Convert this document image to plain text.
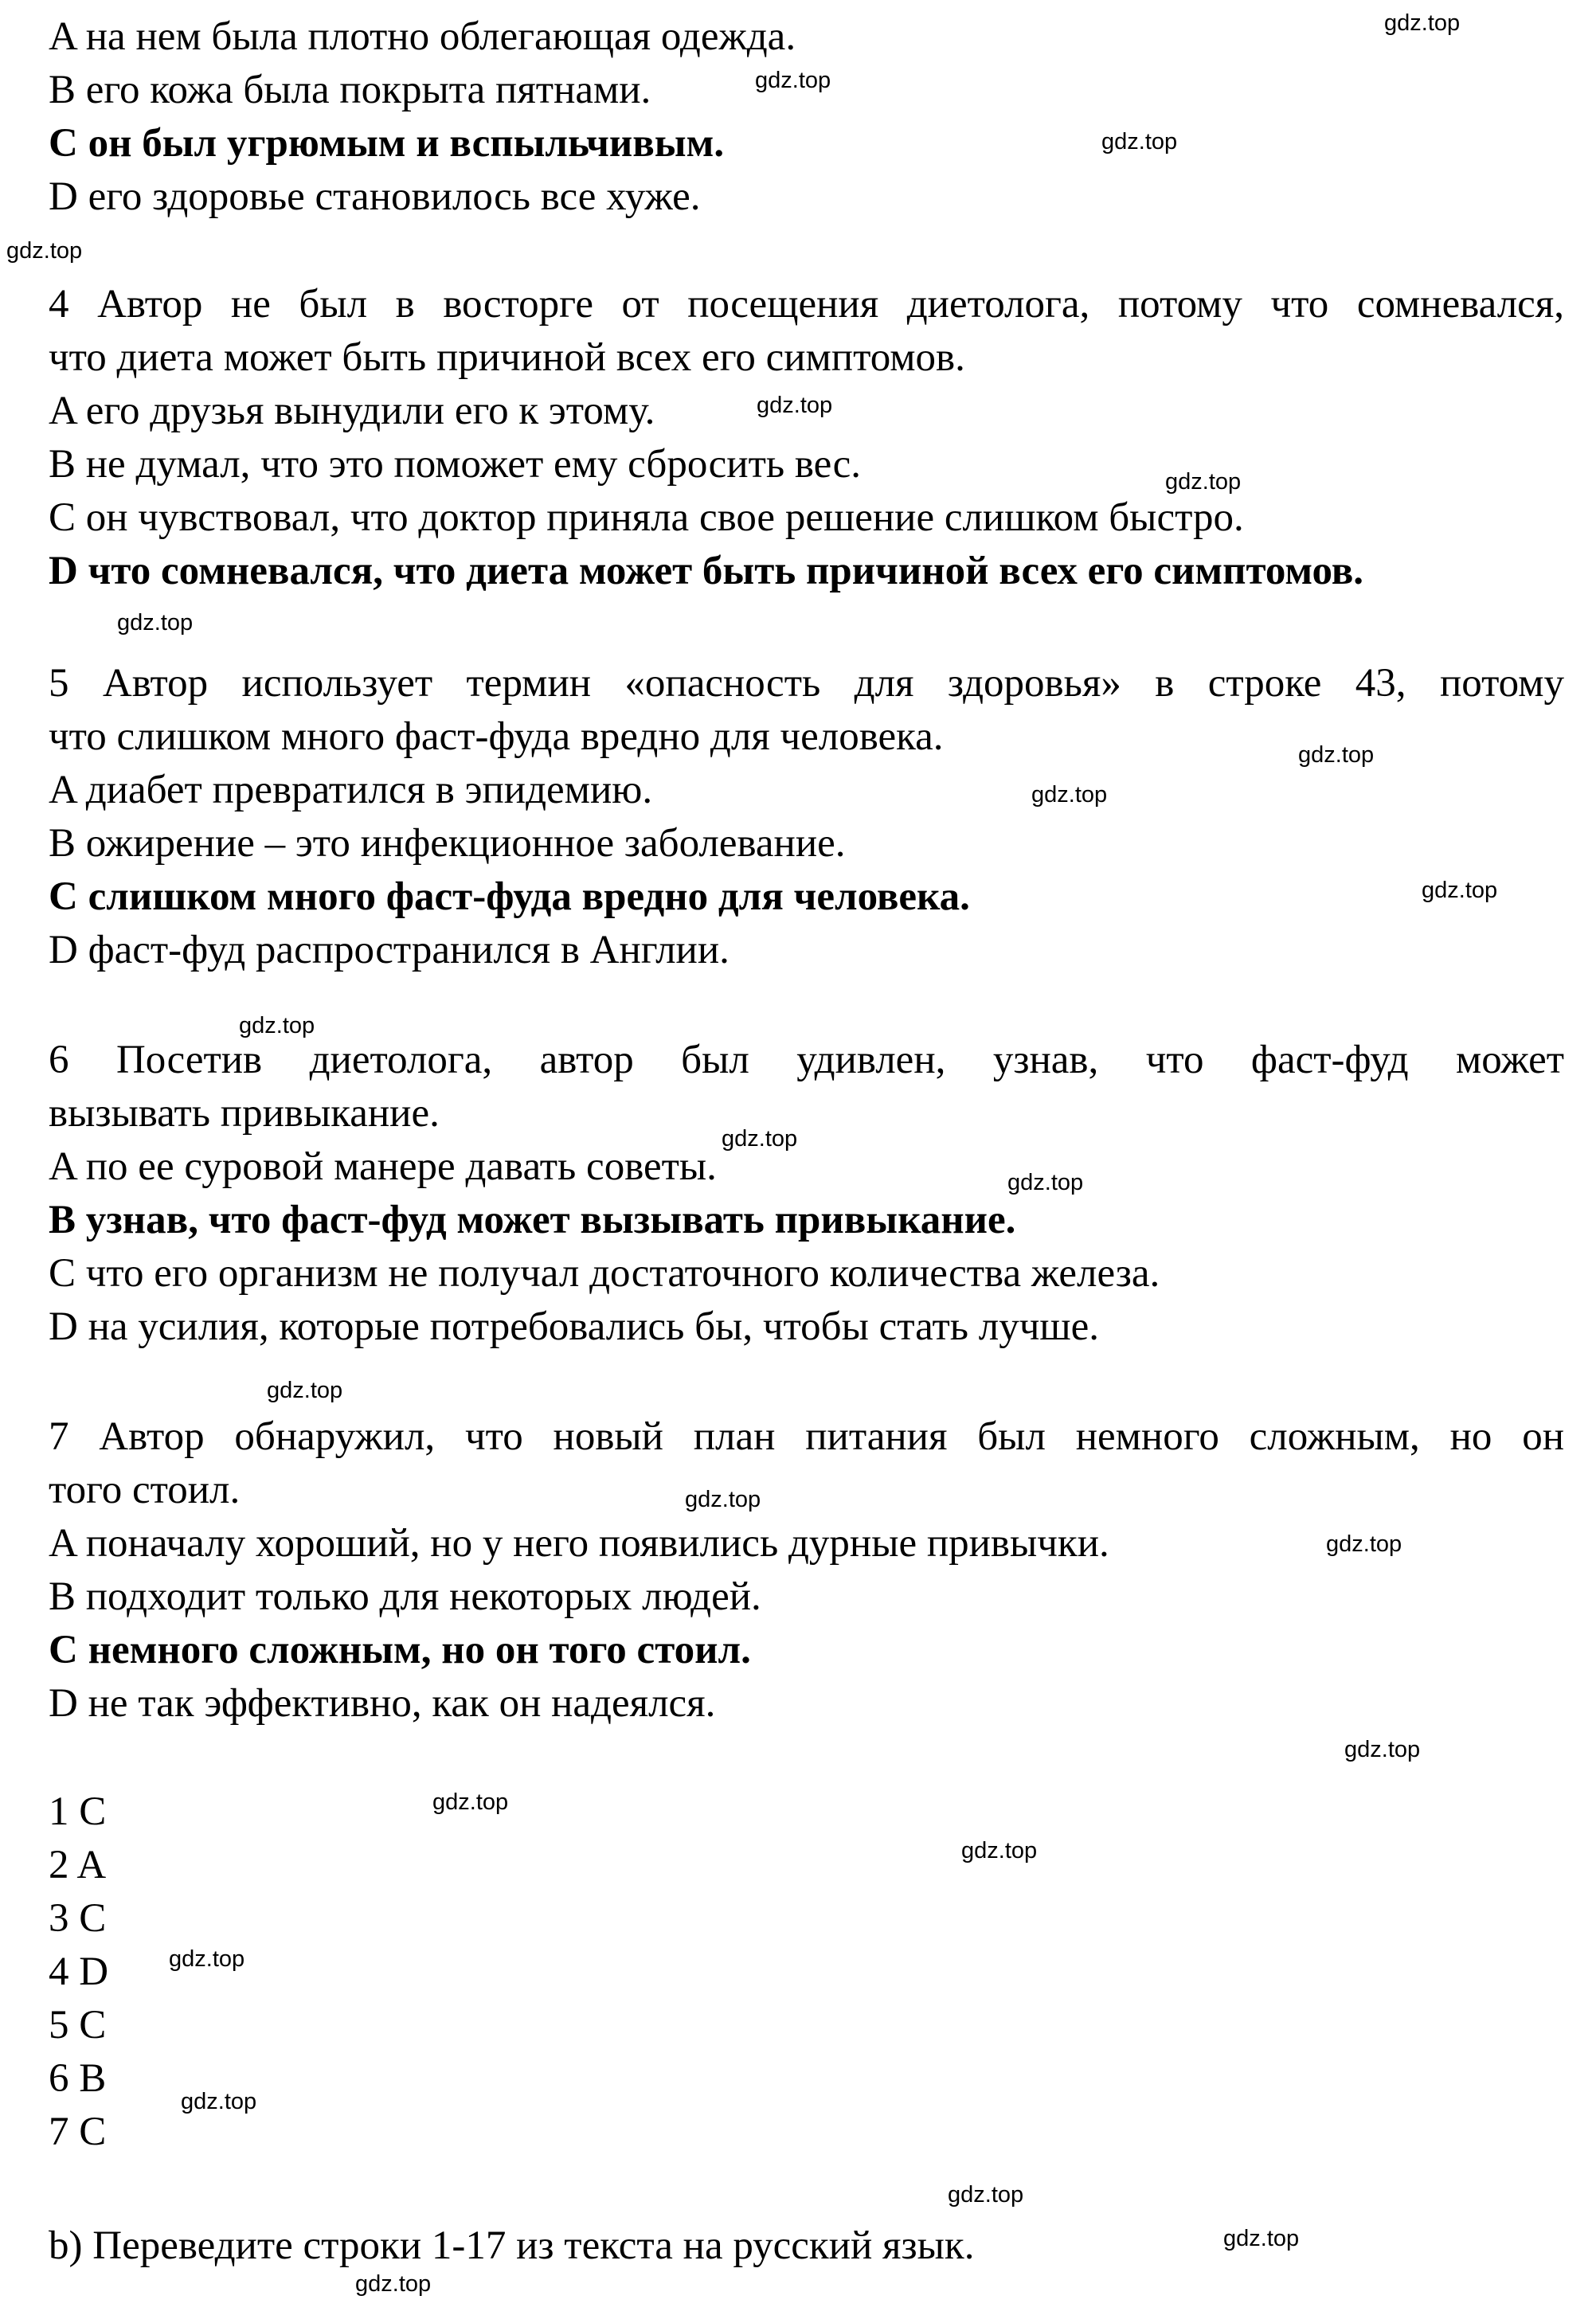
A на нем была плотно облегающая одежда.
B его кожа была покрыта пятнами.
C он был угрюмым и вспыльчивым.
D его здоровье становилось все хуже.
4 Автор не был в восторге от посещения диетолога, потому что сомневался,
что диета может быть причиной всех его симптомов.
A его друзья вынудили его к этому.
B не думал, что это поможет ему сбросить вес.
C он чувствовал, что доктор приняла свое решение слишком быстро.
D что сомневался, что диета может быть причиной всех его симптомов.
5 Автор использует термин «опасность для здоровья» в строке 43, потому
что слишком много фаст-фуда вредно для человека.
A диабет превратился в эпидемию.
B ожирение – это инфекционное заболевание.
C слишком много фаст-фуда вредно для человека.
D фаст-фуд распространился в Англии.
6 Посетив диетолога, автор был удивлен, узнав, что фаст-фуд может
вызывать привыкание.
A по ее суровой манере давать советы.
B узнав, что фаст-фуд может вызывать привыкание.
C что его организм не получал достаточного количества железа.
D на усилия, которые потребовались бы, чтобы стать лучше.
7 Автор обнаружил, что новый план питания был немного сложным, но он
того стоил.
A поначалу хороший, но у него появились дурные привычки.
B подходит только для некоторых людей.
C немного сложным, но он того стоил.
D не так эффективно, как он надеялся.
1 C
2 A
3 C
4 D
5 C
6 B
7 C
b) Переведите строки 1-17 из текста на русский язык.
gdz.top
gdz.top
gdz.top
gdz.top
gdz.top
gdz.top
gdz.top
gdz.top
gdz.top
gdz.top
gdz.top
gdz.top
gdz.top
gdz.top
gdz.top
gdz.top
gdz.top
gdz.top
gdz.top
gdz.top
gdz.top
gdz.top
gdz.top
gdz.top
